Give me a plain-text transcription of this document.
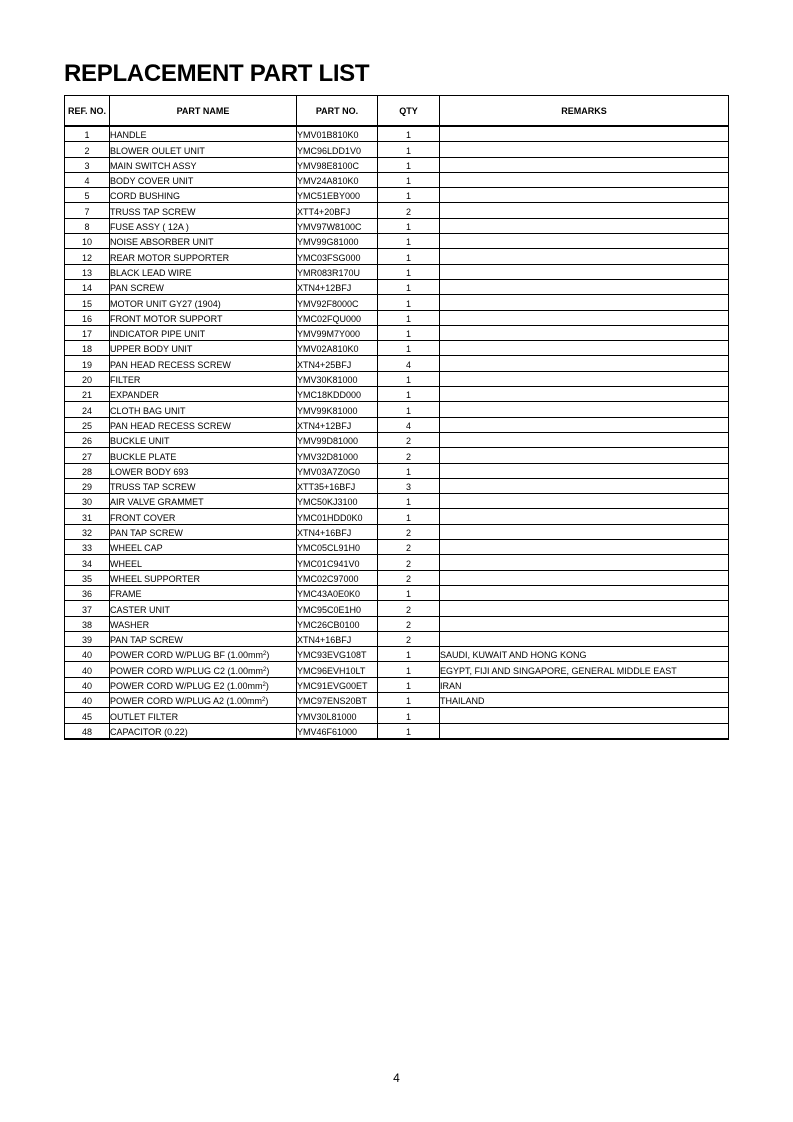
REPLACEMENT PART LIST
REF. NO.	PART NAME	PART NO.	QTY	REMARKS
1	HANDLE	YMV01B810K0	1	
2	BLOWER OULET UNIT	YMC96LDD1V0	1	
3	MAIN SWITCH ASSY	YMV98E8100C	1	
4	BODY COVER UNIT	YMV24A810K0	1	
5	CORD BUSHING	YMC51EBY000	1	
7	TRUSS TAP SCREW	XTT4+20BFJ	2	
8	FUSE ASSY ( 12A )	YMV97W8100C	1	
10	NOISE ABSORBER UNIT	YMV99G81000	1	
12	REAR MOTOR SUPPORTER	YMC03FSG000	1	
13	BLACK LEAD WIRE	YMR083R170U	1	
14	PAN SCREW	XTN4+12BFJ	1	
15	MOTOR UNIT GY27 (1904)	YMV92F8000C	1	
16	FRONT MOTOR SUPPORT	YMC02FQU000	1	
17	INDICATOR PIPE UNIT	YMV99M7Y000	1	
18	UPPER BODY UNIT	YMV02A810K0	1	
19	PAN HEAD RECESS SCREW	XTN4+25BFJ	4	
20	FILTER	YMV30K81000	1	
21	EXPANDER	YMC18KDD000	1	
24	CLOTH BAG UNIT	YMV99K81000	1	
25	PAN HEAD RECESS SCREW	XTN4+12BFJ	4	
26	BUCKLE UNIT	YMV99D81000	2	
27	BUCKLE PLATE	YMV32D81000	2	
28	LOWER BODY 693	YMV03A7Z0G0	1	
29	TRUSS TAP SCREW	XTT35+16BFJ	3	
30	AIR VALVE GRAMMET	YMC50KJ3100	1	
31	FRONT COVER	YMC01HDD0K0	1	
32	PAN TAP SCREW	XTN4+16BFJ	2	
33	WHEEL CAP	YMC05CL91H0	2	
34	WHEEL	YMC01C941V0	2	
35	WHEEL SUPPORTER	YMC02C97000	2	
36	FRAME	YMC43A0E0K0	1	
37	CASTER UNIT	YMC95C0E1H0	2	
38	WASHER	YMC26CB0100	2	
39	PAN TAP SCREW	XTN4+16BFJ	2	
40	POWER CORD W/PLUG BF $(1.00mm^2)$	YMC93EVG108T	1	SAUDI, KUWAIT AND HONG KONG
40	POWER CORD W/PLUG C2 $(1.00mm^2)$	YMC96EVH10LT	1	EGYPT, FIJI AND SINGAPORE, GENERAL MIDDLE EAST
40	POWER CORD W/PLUG E2 $(1.00mm^2)$	YMC91EVG00ET	1	IRAN
40	POWER CORD W/PLUG A2 $(1.00mm^2)$	YMC97ENS20BT	1	THAILAND
45	OUTLET FILTER	YMV30L81000	1	
48	CAPACITOR (0.22)	YMV46F61000	1	
4
